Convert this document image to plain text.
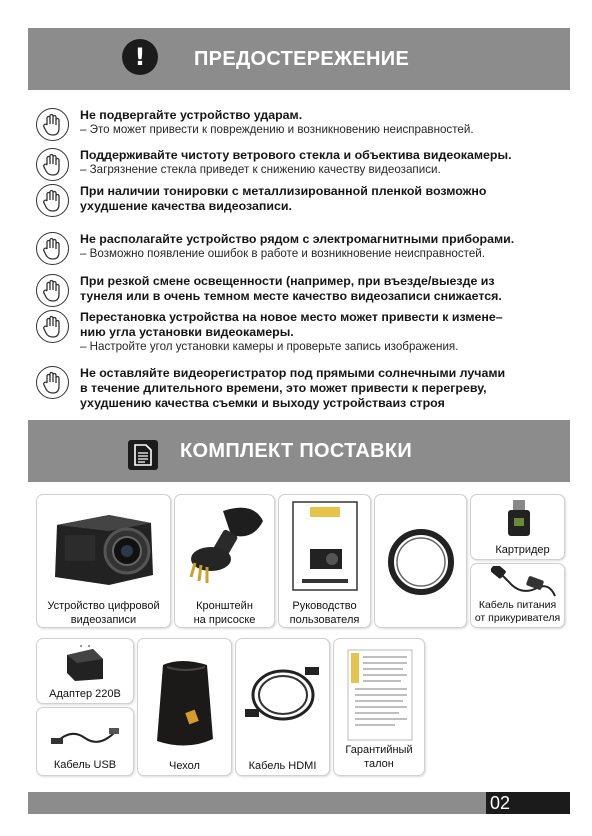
!	ПРЕДОСТЕРЕЖЕНИЕ
Не подвергайте устройство ударам.
– Это может привести к повреждению и возникновению неисправностей.
Поддерживайте чистоту ветрового стекла и объектива видеокамеры.
– Загрязнение стекла приведет к снижению качеству видеозаписи.
При наличии тонировки с металлизированной пленкой возможно
ухудшение качества видеозаписи.
Не располагайте устройство рядом с электромагнитными приборами.
– Возможно появление ошибок в работе и возникновение неисправностей.
При резкой смене освещенности (например, при въезде/выезде из
тунеля или в очень темном месте качество видеозаписи снижается.
Перестановка устройства на новое место может привести к измене–
нию угла установки видеокамеры.
– Настройте угол установки камеры и проверьте запись изображения.
Не оставляйте видеорегистратор под прямыми солнечными лучами
в течение длительного времени, это может привести к перегреву,
ухудшению качества съемки и выходу устройстваиз строя
КОМПЛЕКТ ПОСТАВКИ
Устройство цифровой
видеозаписи
Кронштейн
на присоске
Руководство
пользователя
Картридер
Кабель питания
от прикуривателя
Адаптер 220В
Кабель USB	Чехол	Кабель HDMI
Гарантийный
талон
02
